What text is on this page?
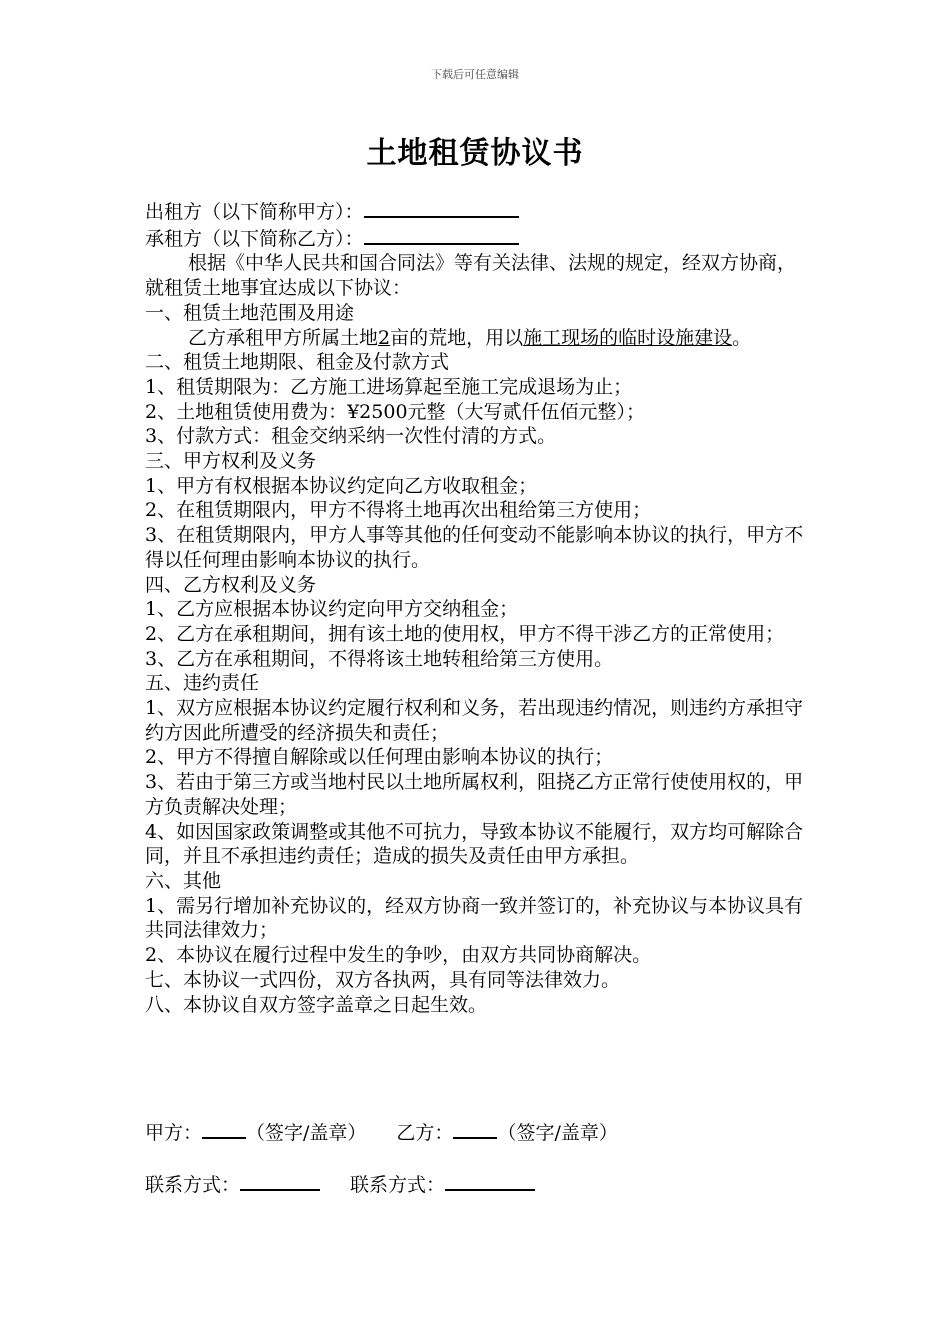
下载后可任意编辑
土地租赁协议书

出租方（以下简称甲方）：

承租方（以下简称乙方）：

根据《中华人民共和国合同法》等有关法律、法规的规定，经双方协商，就租赁土地事宜达成以下协议：

一、租赁土地范围及用途

乙方承租甲方所属土地2亩的荒地，用以施工现场的临时设施建设。

二、租赁土地期限、租金及付款方式

1、租赁期限为：乙方施工进场算起至施工完成退场为止；

2、土地租赁使用费为：¥2500元整（大写贰仟伍佰元整）；

3、付款方式：租金交纳采纳一次性付清的方式。

三、甲方权利及义务

1、甲方有权根据本协议约定向乙方收取租金；

2、在租赁期限内，甲方不得将土地再次出租给第三方使用；

3、在租赁期限内，甲方人事等其他的任何变动不能影响本协议的执行，甲方不得以任何理由影响本协议的执行。

四、乙方权利及义务

1、乙方应根据本协议约定向甲方交纳租金；

2、乙方在承租期间，拥有该土地的使用权，甲方不得干涉乙方的正常使用；

3、乙方在承租期间，不得将该土地转租给第三方使用。

五、违约责任

1、双方应根据本协议约定履行权利和义务，若出现违约情况，则违约方承担守约方因此所遭受的经济损失和责任；

2、甲方不得擅自解除或以任何理由影响本协议的执行；

3、若由于第三方或当地村民以土地所属权利，阻挠乙方正常行使使用权的，甲方负责解决处理；

4、如因国家政策调整或其他不可抗力，导致本协议不能履行，双方均可解除合同，并且不承担违约责任；造成的损失及责任由甲方承担。

六、其他

1、需另行增加补充协议的，经双方协商一致并签订的，补充协议与本协议具有共同法律效力；

2、本协议在履行过程中发生的争吵，由双方共同协商解决。

七、本协议一式四份，双方各执两，具有同等法律效力。

八、本协议自双方签字盖章之日起生效。

甲方： （签字/盖章） 乙方： （签字/盖章）
联系方式：	联系方式：
